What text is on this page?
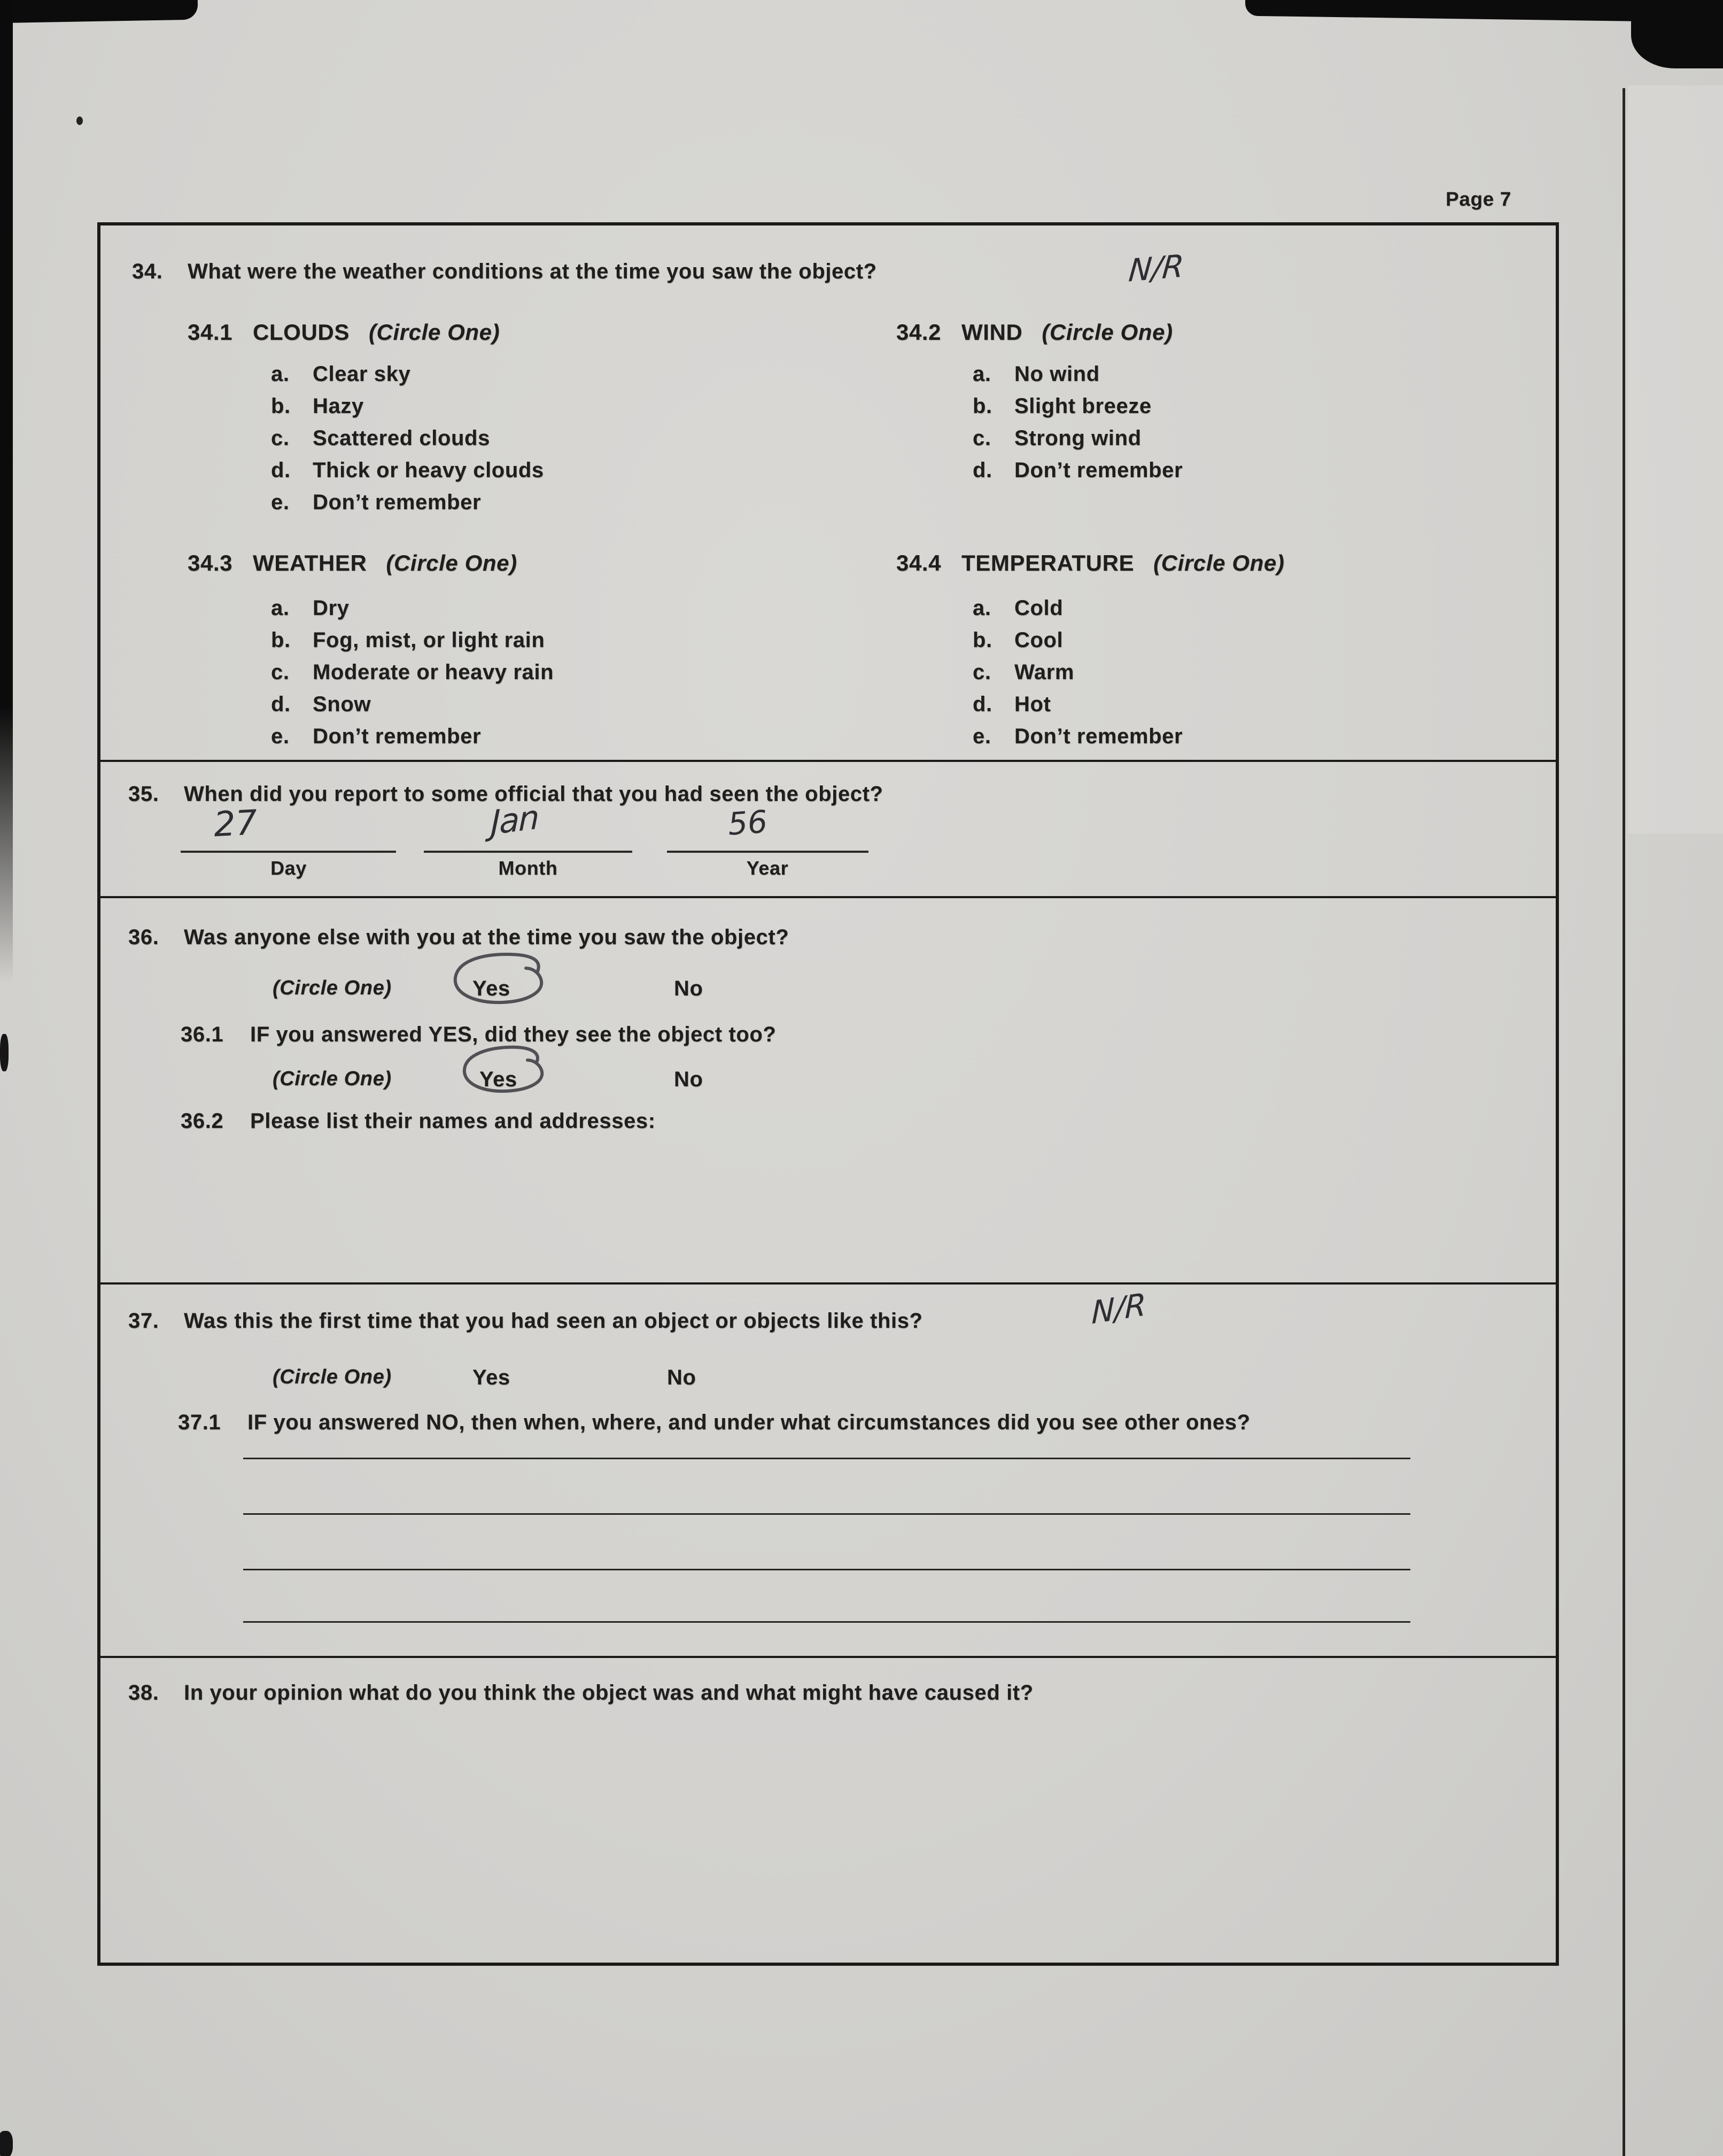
Page 7
34. What were the weather conditions at the time you saw the object?	N/R
34.1 CLOUDS (Circle One)	34.2 WIND (Circle One)
a. Clear sky
b. Hazy
c. Scattered clouds
d. Thick or heavy clouds
e. Don’t remember
a. No wind
b. Slight breeze
c. Strong wind
d. Don’t remember
34.3 WEATHER (Circle One)	34.4 TEMPERATURE (Circle One)
a. Dry
b. Fog, mist, or light rain
c. Moderate or heavy rain
d. Snow
e. Don’t remember
a. Cold
b. Cool
c. Warm
d. Hot
e. Don’t remember
35. When did you report to some official that you had seen the object?
27	Jan	56
Day	Month	Year
36. Was anyone else with you at the time you saw the object?
(Circle One)	Yes	No
36.1 IF you answered YES, did they see the object too?
(Circle One)	Yes	No
36.2 Please list their names and addresses:
37. Was this the first time that you had seen an object or objects like this?	N/R
(Circle One)	Yes	No
37.1 IF you answered NO, then when, where, and under what circumstances did you see other ones?
38. In your opinion what do you think the object was and what might have caused it?
